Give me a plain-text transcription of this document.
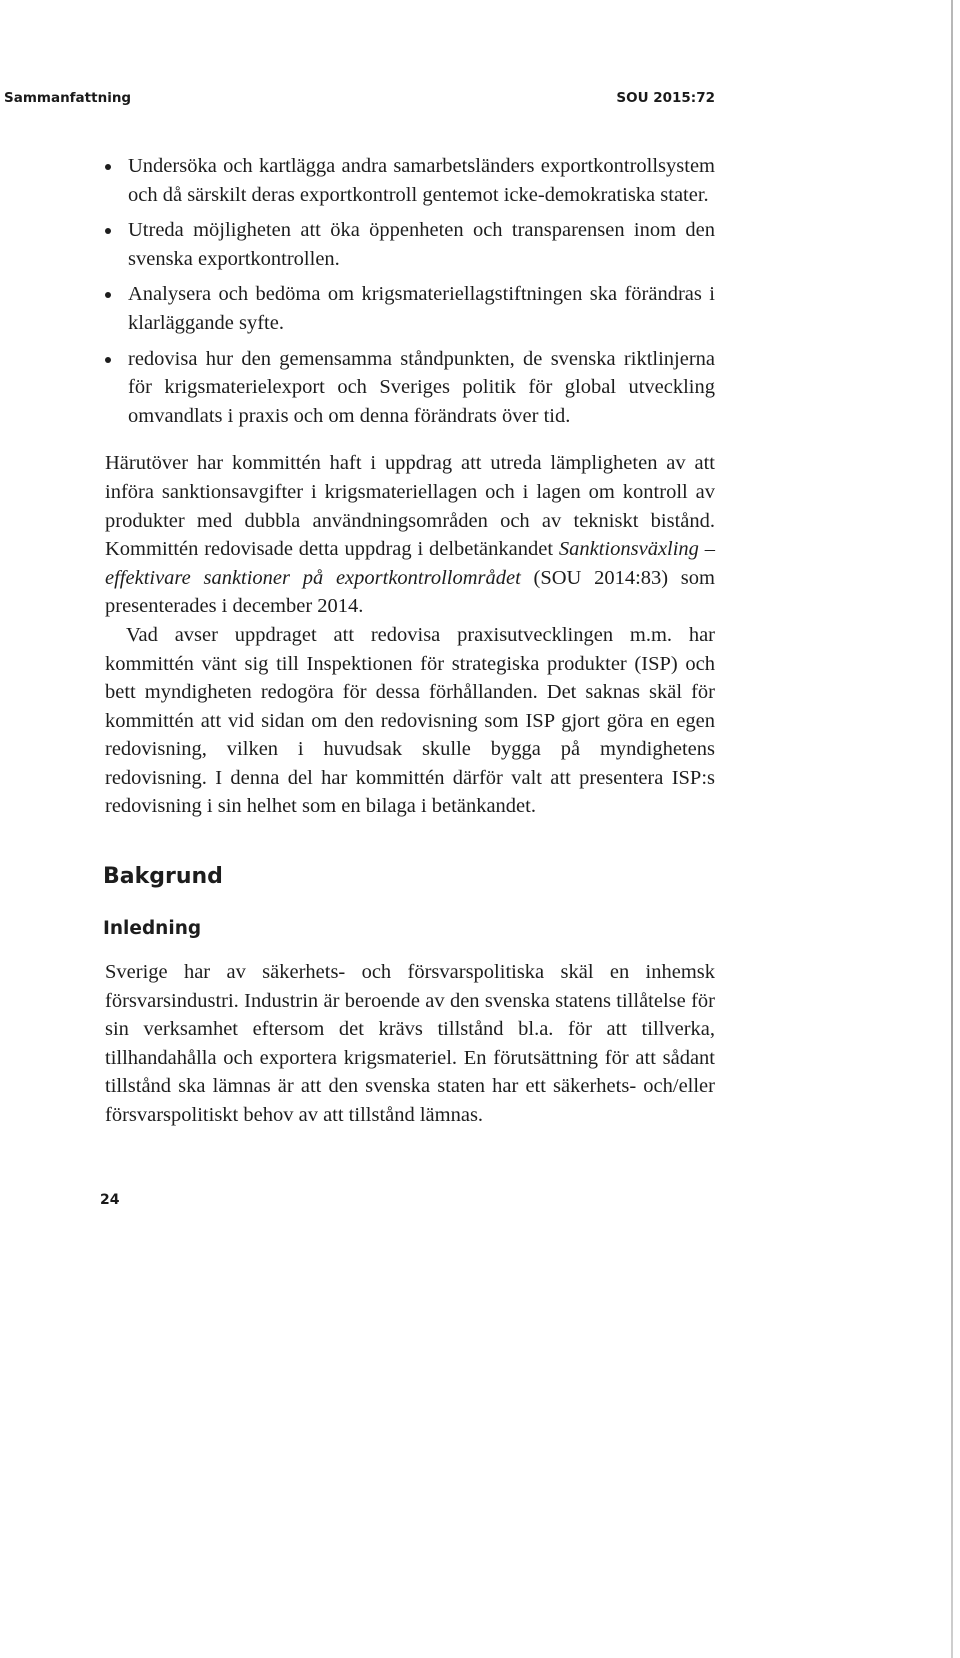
Sammanfattning	SOU 2015:72
Undersöka och kartlägga andra samarbetsländers exportkontrollsystem och då särskilt deras exportkontroll gentemot icke-demokratiska stater.
Utreda möjligheten att öka öppenheten och transparensen inom den svenska exportkontrollen.
Analysera och bedöma om krigsmateriellagstiftningen ska förändras i klarläggande syfte.
redovisa hur den gemensamma ståndpunkten, de svenska riktlinjerna för krigsmaterielexport och Sveriges politik för global utveckling omvandlats i praxis och om denna förändrats över tid.

Härutöver har kommittén haft i uppdrag att utreda lämpligheten av att införa sanktionsavgifter i krigsmateriellagen och i lagen om kontroll av produkter med dubbla användningsområden och av tekniskt bistånd. Kommittén redovisade detta uppdrag i delbetänkandet Sanktionsväxling – effektivare sanktioner på exportkontrollområdet (SOU 2014:83) som presenterades i december 2014.

Vad avser uppdraget att redovisa praxisutvecklingen m.m. har kommittén vänt sig till Inspektionen för strategiska produkter (ISP) och bett myndigheten redogöra för dessa förhållanden. Det saknas skäl för kommittén att vid sidan om den redovisning som ISP gjort göra en egen redovisning, vilken i huvudsak skulle bygga på myndighetens redovisning. I denna del har kommittén därför valt att presentera ISP:s redovisning i sin helhet som en bilaga i betänkandet.

Bakgrund
Inledning

Sverige har av säkerhets- och försvarspolitiska skäl en inhemsk försvarsindustri. Industrin är beroende av den svenska statens tillåtelse för sin verksamhet eftersom det krävs tillstånd bl.a. för att tillverka, tillhandahålla och exportera krigsmateriel. En förutsättning för att sådant tillstånd ska lämnas är att den svenska staten har ett säkerhets- och/eller försvarspolitiskt behov av att tillstånd lämnas.

24
